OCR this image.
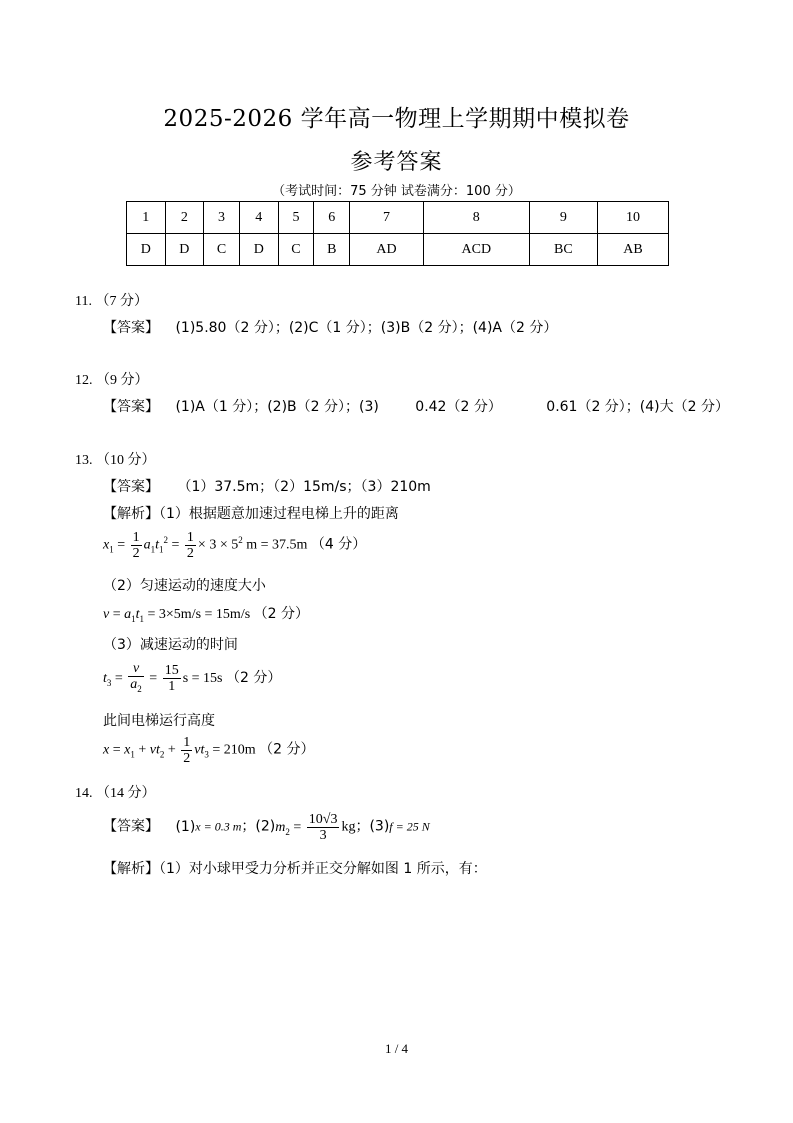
2025-2026 学年高一物理上学期期中模拟卷
参考答案
（考试时间：75 分钟 试卷满分：100 分）
1	2	3	4	5	6	7	8	9	10
D	D	C	D	C	B	AD	ACD	BC	AB
11. （7 分）
【答案】 (1)5.80（2 分）；(2)C（1 分）；(3)B（2 分）；(4)A（2 分）
12. （9 分）
【答案】 (1)A（1 分）；(2)B（2 分）；(3)	0.42（2 分）	0.61（2 分）；(4)大（2 分）
13. （10 分）
【答案】 （1）37.5m；（2）15m/s；（3）210m
【解析】（1）根据题意加速过程电梯上升的距离
$x_1 = \frac{1}{2} a_1t_1^2 = \frac{1}{2} \times 3 \times 5^2$ m = 37.5m （4 分）
（2）匀速运动的速度大小
$v = a_1t_1 = 3\times 5m/s = 15m/s$ （2 分）
（3）减速运动的时间
$t_3 = \frac{v}{a_2} = \frac{15}{1}$ s = 15s （2 分）
此间电梯运行高度
$x = x_1 + vt_2 + \frac{1}{2} vt_3 = 210m$ （2 分）
14. （14 分）
【答案】 (1)x = 0.3 m；$(2)m_2 = \frac{10√3}{3}$ kg；(3)f = 25 N
【解析】（1）对小球甲受力分析并正交分解如图 1 所示，有：
1 / 4
